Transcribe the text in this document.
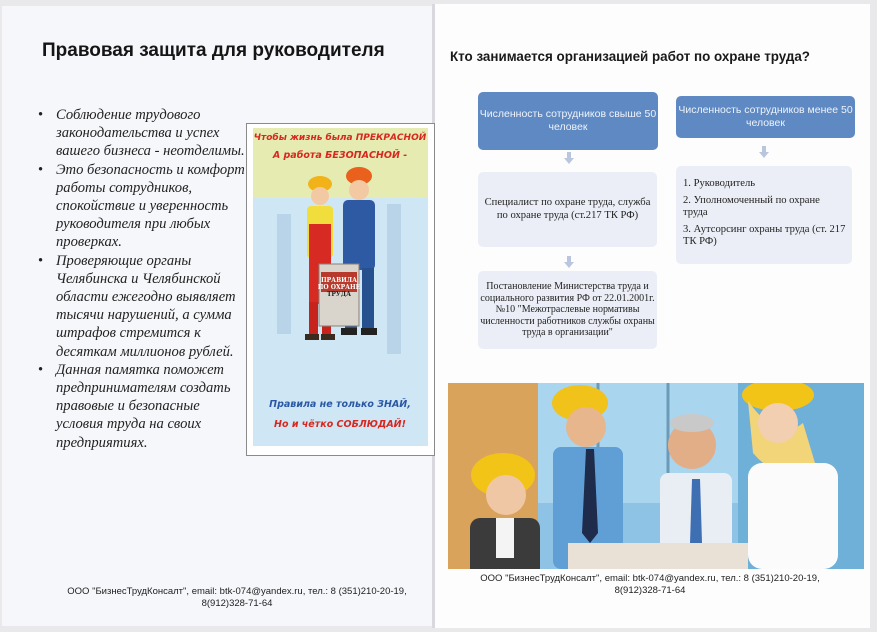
Правовая защита для руководителя
• Соблюдение трудового законодательства и успех вашего бизнеса - неотделимы.
• Это безопасность и комфорт работы сотрудников, спокойствие и уверенность руководителя при любых проверках.
• Проверяющие органы Челябинска и Челябинской области ежегодно выявляет тысячи нарушений, а сумма штрафов стремится к десяткам миллионов рублей.
• Данная памятка поможет предпринимателям создать правовые и безопасные условия труда на своих предприятиях.
Чтобы жизнь была ПРЕКРАСНОЙ
А работа БЕЗОПАСНОЙ -
ПРАВИЛА ПО ОХРАНЕ ТРУДА
Правила не только ЗНАЙ,
Но и чётко СОБЛЮДАЙ!
ООО "БизнесТрудКонсалт", email: btk-074@yandex.ru, тел.: 8 (351)210-20-19,
8(912)328-71-64
Кто занимается организацией работ по охране труда?
Численность сотрудников свыше 50 человек
Численность сотрудников менее 50 человек
Специалист по охране труда, служба по охране труда (ст.217 ТК РФ)

1. Руководитель

2. Уполномоченный по охране труда

3. Аутсорсинг охраны труда (ст. 217 ТК РФ)

Постановление Министерства труда и социального развития РФ от 22.01.2001г. №10 "Межотраслевые нормативы численности работников службы охраны труда в организации"
ООО "БизнесТрудКонсалт", email: btk-074@yandex.ru, тел.: 8 (351)210-20-19,
8(912)328-71-64
